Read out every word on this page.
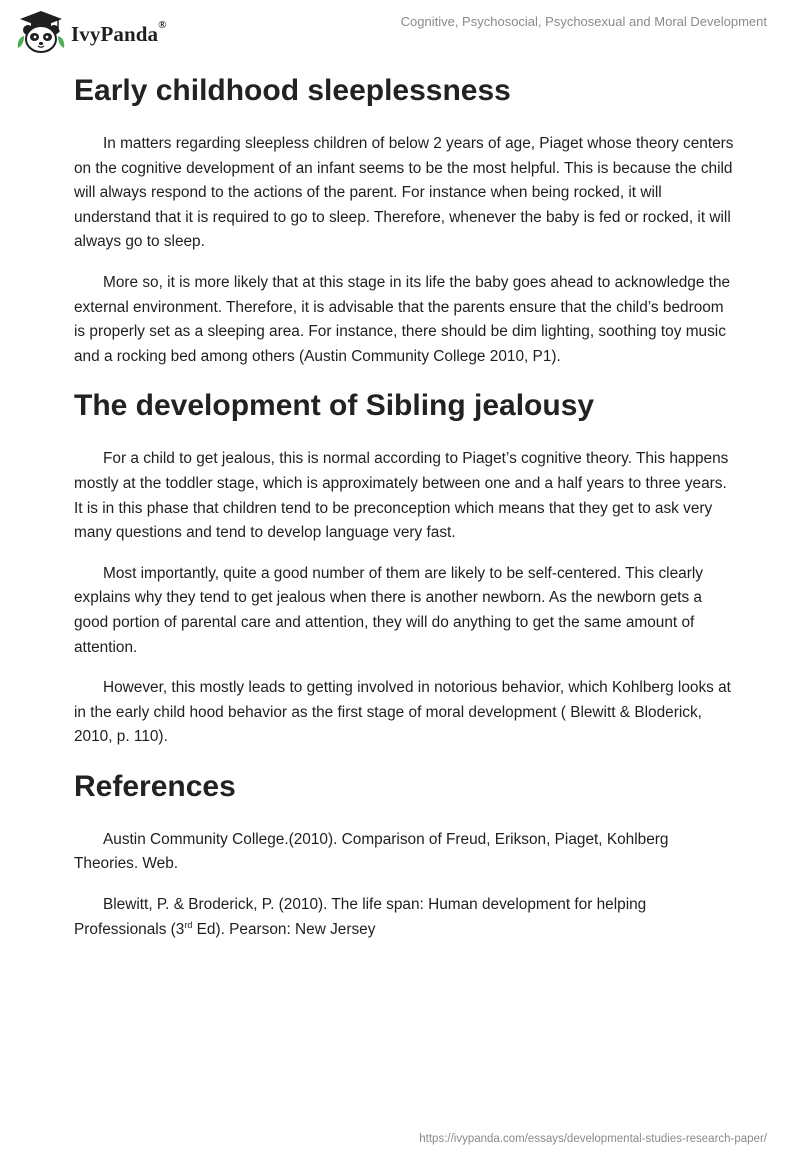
IvyPanda®	Cognitive, Psychosocial, Psychosexual and Moral Development
Early childhood sleeplessness

In matters regarding sleepless children of below 2 years of age, Piaget whose theory centers on the cognitive development of an infant seems to be the most helpful. This is because the child will always respond to the actions of the parent. For instance when being rocked, it will understand that it is required to go to sleep. Therefore, whenever the baby is fed or rocked, it will always go to sleep.

More so, it is more likely that at this stage in its life the baby goes ahead to acknowledge the external environment. Therefore, it is advisable that the parents ensure that the child’s bedroom is properly set as a sleeping area. For instance, there should be dim lighting, soothing toy music and a rocking bed among others (Austin Community College 2010, P1).

The development of Sibling jealousy

For a child to get jealous, this is normal according to Piaget’s cognitive theory. This happens mostly at the toddler stage, which is approximately between one and a half years to three years. It is in this phase that children tend to be preconception which means that they get to ask very many questions and tend to develop language very fast.

Most importantly, quite a good number of them are likely to be self-centered. This clearly explains why they tend to get jealous when there is another newborn. As the newborn gets a good portion of parental care and attention, they will do anything to get the same amount of attention.

However, this mostly leads to getting involved in notorious behavior, which Kohlberg looks at in the early child hood behavior as the first stage of moral development ( Blewitt & Bloderick, 2010, p. 110).

References

Austin Community College.(2010). Comparison of Freud, Erikson, Piaget, Kohlberg Theories. Web.

Blewitt, P. & Broderick, P. (2010). The life span: Human development for helping Professionals (3rd Ed). Pearson: New Jersey

https://ivypanda.com/essays/developmental-studies-research-paper/
